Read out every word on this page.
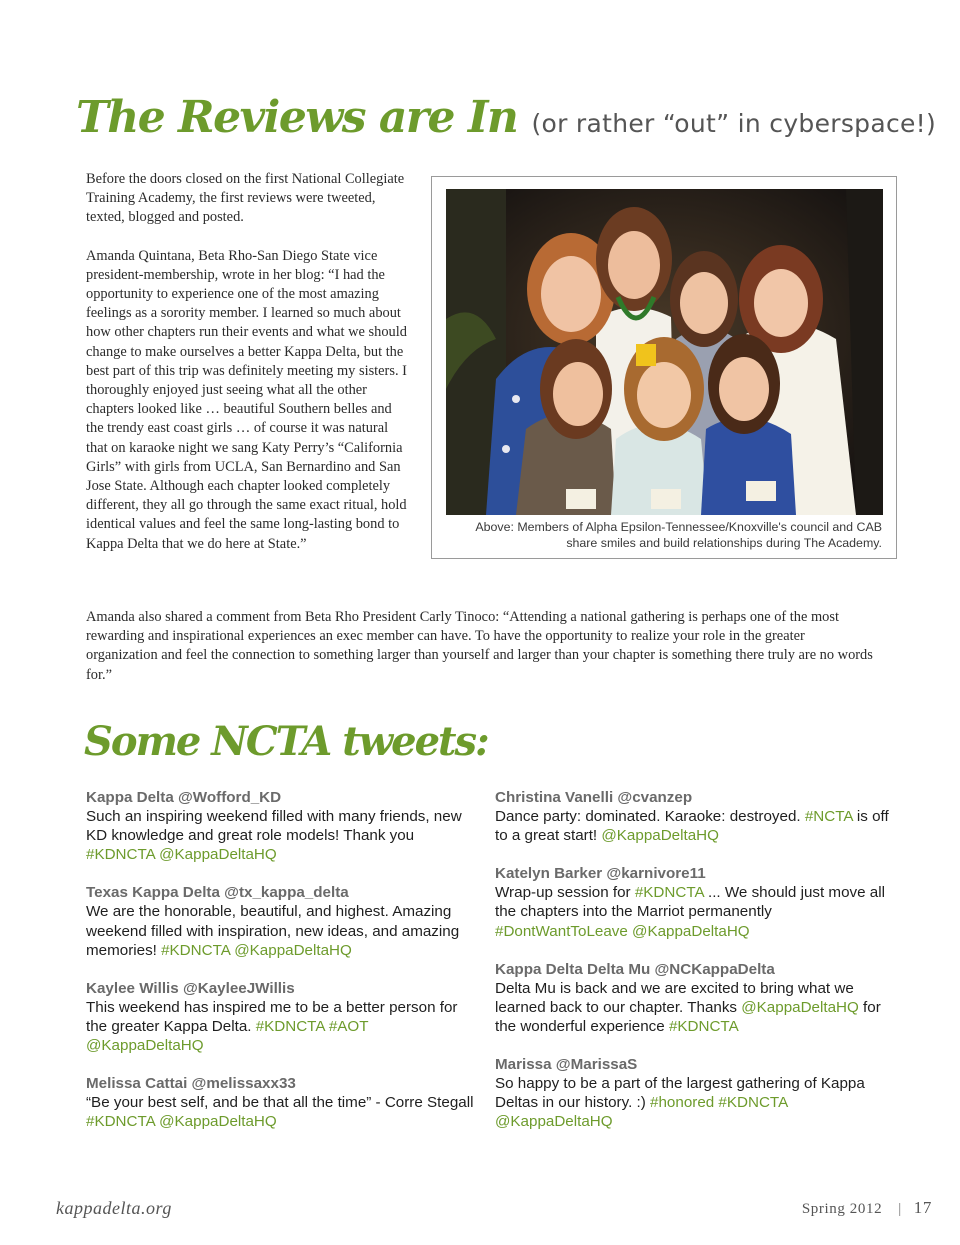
The Reviews are In (or rather “out” in cyberspace!)

Before the doors closed on the first National Collegiate Training Academy, the first reviews were tweeted, texted, blogged and posted.

Amanda Quintana, Beta Rho-San Diego State vice president-membership, wrote in her blog: “I had the opportunity to experience one of the most amazing feelings as a sorority member. I learned so much about how other chapters run their events and what we should change to make ourselves a better Kappa Delta, but the best part of this trip was definitely meeting my sisters. I thoroughly enjoyed just seeing what all the other chapters looked like … beautiful Southern belles and the trendy east coast girls … of course it was natural that on karaoke night we sang Katy Perry’s “California Girls” with girls from UCLA, San Bernardino and San Jose State. Although each chapter looked completely different, they all go through the same exact ritual, hold identical values and feel the same long-lasting bond to Kappa Delta that we do here at State.”

Above: Members of Alpha Epsilon-Tennessee/Knoxville's council and CAB share smiles and build relationships during The Academy.
Amanda also shared a comment from Beta Rho President Carly Tinoco: “Attending a national gathering is perhaps one of the most rewarding and inspirational experiences an exec member can have. To have the opportunity to realize your role in the greater organization and feel the connection to something larger than yourself and larger than your chapter is something there truly are no words for.”
Some NCTA tweets:
Kappa Delta @Wofford_KD
Such an inspiring weekend filled with many friends, new KD knowledge and great role models! Thank you #KDNCTA @KappaDeltaHQ
Texas Kappa Delta @tx_kappa_delta
We are the honorable, beautiful, and highest. Amazing weekend filled with inspiration, new ideas, and amazing memories! #KDNCTA @KappaDeltaHQ
Kaylee Willis @KayleeJWillis
This weekend has inspired me to be a better person for the greater Kappa Delta. #KDNCTA #AOT @KappaDeltaHQ
Melissa Cattai @melissaxx33
“Be your best self, and be that all the time” - Corre Stegall #KDNCTA @KappaDeltaHQ
Christina Vanelli @cvanzep
Dance party: dominated. Karaoke: destroyed. #NCTA is off to a great start! @KappaDeltaHQ
Katelyn Barker @karnivore11
Wrap-up session for #KDNCTA ... We should just move all the chapters into the Marriot permanently #DontWantToLeave @KappaDeltaHQ
Kappa Delta Delta Mu @NCKappaDelta
Delta Mu is back and we are excited to bring what we learned back to our chapter. Thanks @KappaDeltaHQ for the wonderful experience #KDNCTA
Marissa @MarissaS
So happy to be a part of the largest gathering of Kappa Deltas in our history. :) #honored #KDNCTA @KappaDeltaHQ
kappadelta.org	Spring 2012 | 17
